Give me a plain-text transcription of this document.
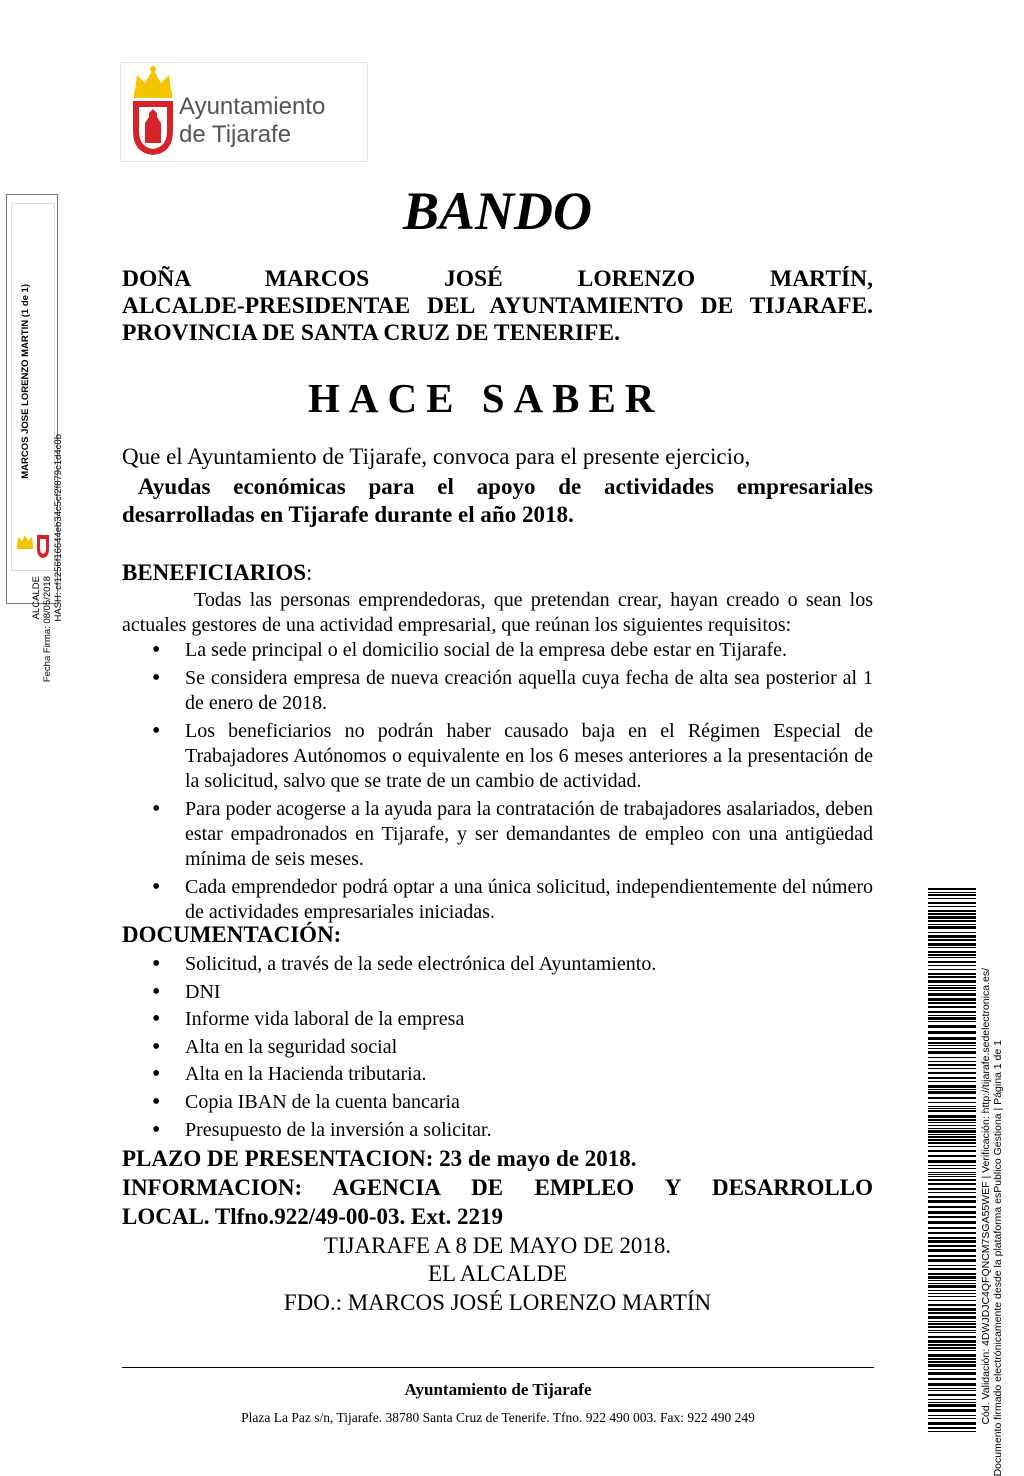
Ayuntamiento
de Tijarafe
MARCOS JOSE LORENZO MARTIN (1 de 1)
ALCALDE Fecha Firma: 08/05/2018
HASH: cf1256f16644eb34c5cf2f879c1d4c0b
BANDO
DOÑA MARCOS JOSÉ LORENZO MARTÍN,
ALCALDE-PRESIDENTAE DEL AYUNTAMIENTO DE TIJARAFE.
PROVINCIA DE SANTA CRUZ DE TENERIFE.
HACE SABER
Que el Ayuntamiento de Tijarafe, convoca para el presente ejercicio,
Ayudas económicas para el apoyo de actividades empresariales
desarrolladas en Tijarafe durante el año 2018.
BENEFICIARIOS:
Todas las personas emprendedoras, que pretendan crear, hayan creado o sean los actuales gestores de una actividad empresarial, que reúnan los siguientes requisitos:
• La sede principal o el domicilio social de la empresa debe estar en Tijarafe.
• Se considera empresa de nueva creación aquella cuya fecha de alta sea posterior al 1 de enero de 2018.
• Los beneficiarios no podrán haber causado baja en el Régimen Especial de Trabajadores Autónomos o equivalente en los 6 meses anteriores a la presentación de la solicitud, salvo que se trate de un cambio de actividad.
• Para poder acogerse a la ayuda para la contratación de trabajadores asalariados, deben estar empadronados en Tijarafe, y ser demandantes de empleo con una antigüedad mínima de seis meses.
• Cada emprendedor podrá optar a una única solicitud, independientemente del número de actividades empresariales iniciadas.
DOCUMENTACIÓN:
• Solicitud, a través de la sede electrónica del Ayuntamiento.
• DNI
• Informe vida laboral de la empresa
• Alta en la seguridad social
• Alta en la Hacienda tributaria.
• Copia IBAN de la cuenta bancaria
• Presupuesto de la inversión a solicitar.
PLAZO DE PRESENTACION: 23 de mayo de 2018.
INFORMACION: AGENCIA DE EMPLEO Y DESARROLLO
LOCAL. Tlfno.922/49-00-03. Ext. 2219
TIJARAFE A 8 DE MAYO DE 2018.
EL ALCALDE
FDO.: MARCOS JOSÉ LORENZO MARTÍN
Ayuntamiento de Tijarafe
Plaza La Paz s/n, Tijarafe. 38780 Santa Cruz de Tenerife. Tfno. 922 490 003. Fax: 922 490 249	Cód. Validación: 4DWJDJC4QFQNCM7SGA55WEF | Verificación: http://tijarafe.sedelectronica.es/ Documento firmado electrónicamente desde la plataforma esPublico Gestiona | Página 1 de 1
